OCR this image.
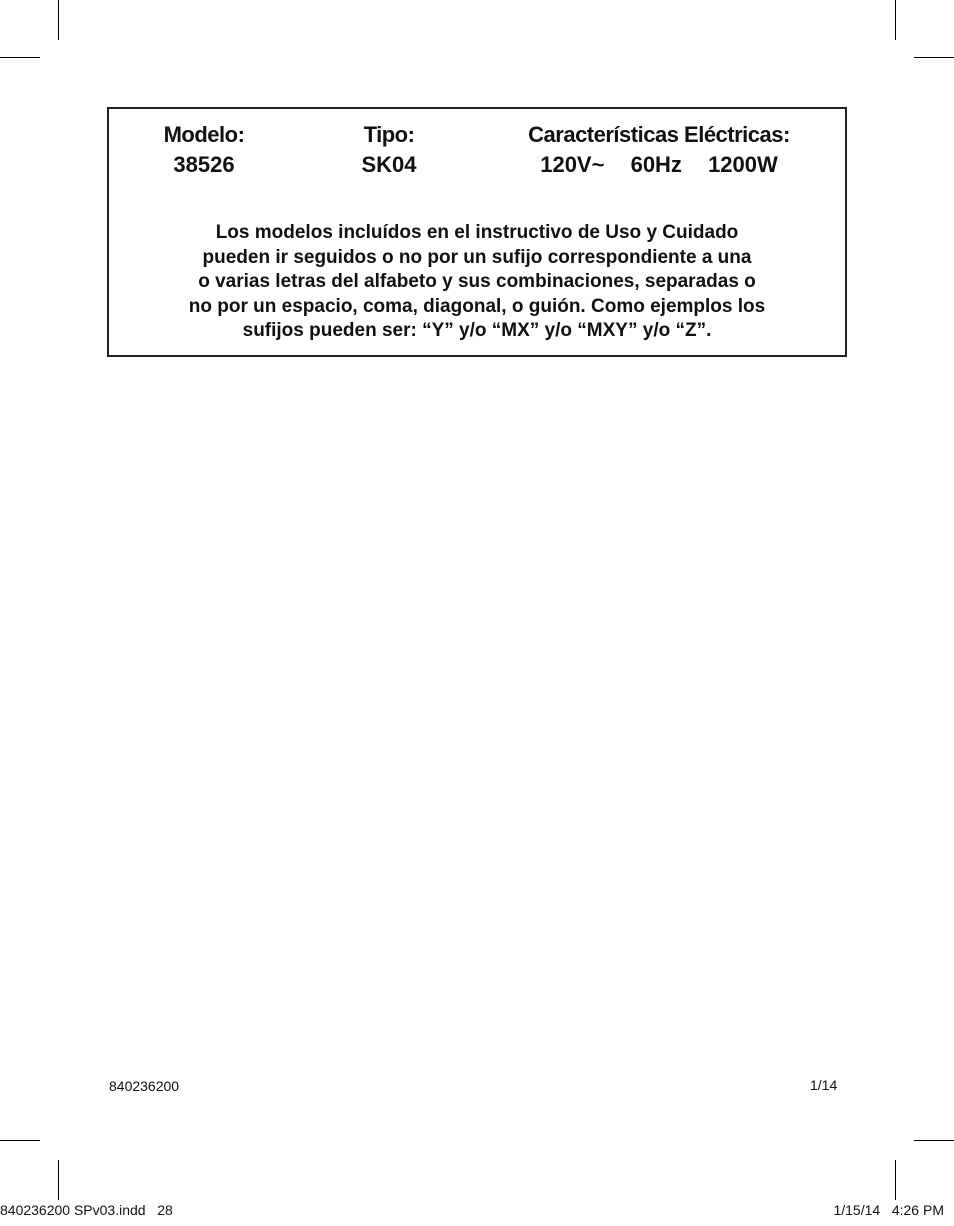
Modelo:
38526
Tipo:
SK04
Características Eléctricas:
120V~ 60Hz 1200W
Los modelos incluídos en el instructivo de Uso y Cuidado
pueden ir seguidos o no por un sufijo correspondiente a una
o varias letras del alfabeto y sus combinaciones, separadas o
no por un espacio, coma, diagonal, o guión. Como ejemplos los
sufijos pueden ser: “Y” y/o “MX” y/o “MXY” y/o “Z”.
840236200	1/14
840236200 SPv03.indd   28	1/15/14   4:26 PM
